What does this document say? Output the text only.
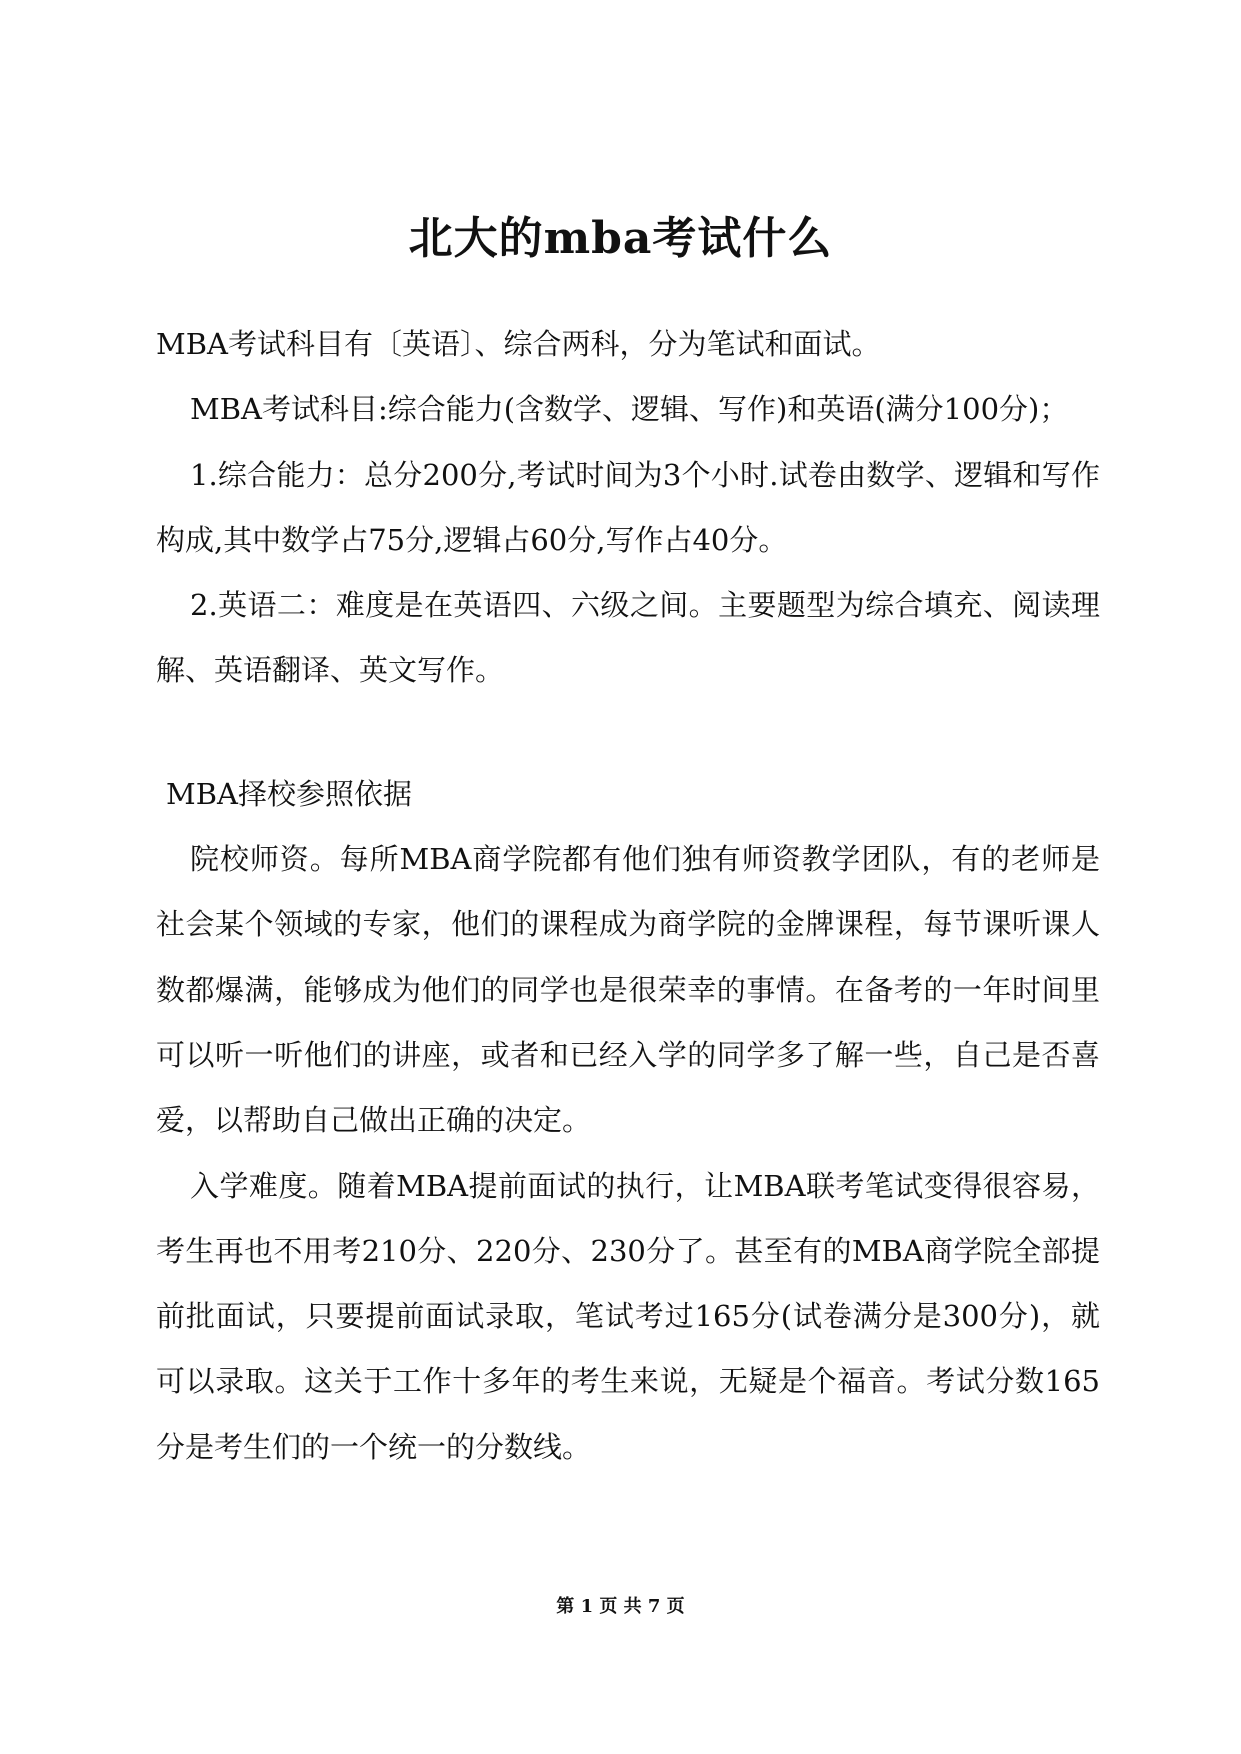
北大的mba考试什么

MBA考试科目有〔英语〕、综合两科，分为笔试和面试。

MBA考试科目:综合能力(含数学、逻辑、写作)和英语(满分100分)；

1.综合能力：总分200分,考试时间为3个小时.试卷由数学、逻辑和写作构成,其中数学占75分,逻辑占60分,写作占40分。

2.英语二：难度是在英语四、六级之间。主要题型为综合填充、阅读理解、英语翻译、英文写作。

MBA择校参照依据

院校师资。每所MBA商学院都有他们独有师资教学团队，有的老师是社会某个领域的专家，他们的课程成为商学院的金牌课程，每节课听课人数都爆满，能够成为他们的同学也是很荣幸的事情。在备考的一年时间里可以听一听他们的讲座，或者和已经入学的同学多了解一些，自己是否喜爱，以帮助自己做出正确的决定。

入学难度。随着MBA提前面试的执行，让MBA联考笔试变得很容易，考生再也不用考210分、220分、230分了。甚至有的MBA商学院全部提前批面试，只要提前面试录取，笔试考过165分(试卷满分是300分)，就可以录取。这关于工作十多年的考生来说，无疑是个福音。考试分数165分是考生们的一个统一的分数线。

第 1 页 共 7 页
